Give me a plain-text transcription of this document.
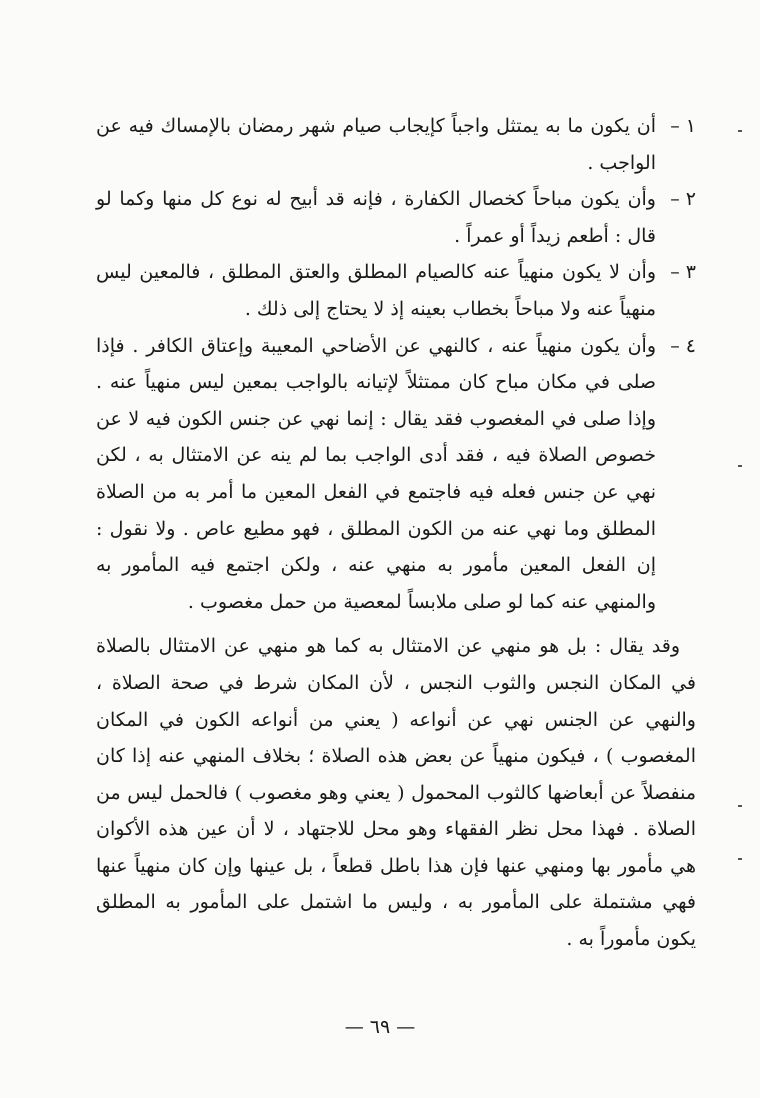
١ –
أن يكون ما به يمتثل واجباً كإيجاب صيام شهر رمضان بالإمساك فيه عن الواجب .
٢ –
وأن يكون مباحاً كخصال الكفارة ، فإنه قد أبيح له نوع كل منها وكما لو قال : أطعم زيداً أو عمراً .
٣ –
وأن لا يكون منهياً عنه كالصيام المطلق والعتق المطلق ، فالمعين ليس منهياً عنه ولا مباحاً بخطاب بعينه إذ لا يحتاج إلى ذلك .
٤ –
وأن يكون منهياً عنه ، كالنهي عن الأضاحي المعيبة وإعتاق الكافر . فإذا صلى في مكان مباح كان ممتثلاً لإتيانه بالواجب بمعين ليس منهياً عنه . وإذا صلى في المغصوب فقد يقال : إنما نهي عن جنس الكون فيه لا عن خصوص الصلاة فيه ، فقد أدى الواجب بما لم ينه عن الامتثال به ، لكن نهي عن جنس فعله فيه فاجتمع في الفعل المعين ما أمر به من الصلاة المطلق وما نهي عنه من الكون المطلق ، فهو مطيع عاص . ولا نقول : إن الفعل المعين مأمور به منهي عنه ، ولكن اجتمع فيه المأمور به والمنهي عنه كما لو صلى ملابساً لمعصية من حمل مغصوب .

وقد يقال : بل هو منهي عن الامتثال به كما هو منهي عن الامتثال بالصلاة في المكان النجس والثوب النجس ، لأن المكان شرط في صحة الصلاة ، والنهي عن الجنس نهي عن أنواعه ( يعني من أنواعه الكون في المكان المغصوب ) ، فيكون منهياً عن بعض هذه الصلاة ؛ بخلاف المنهي عنه إذا كان منفصلاً عن أبعاضها كالثوب المحمول ( يعني وهو مغصوب ) فالحمل ليس من الصلاة . فهذا محل نظر الفقهاء وهو محل للاجتهاد ، لا أن عين هذه الأكوان هي مأمور بها ومنهي عنها فإن هذا باطل قطعاً ، بل عينها وإن كان منهياً عنها فهي مشتملة على المأمور به ، وليس ما اشتمل على المأمور به المطلق يكون مأموراً به .

— ٦٩ —
